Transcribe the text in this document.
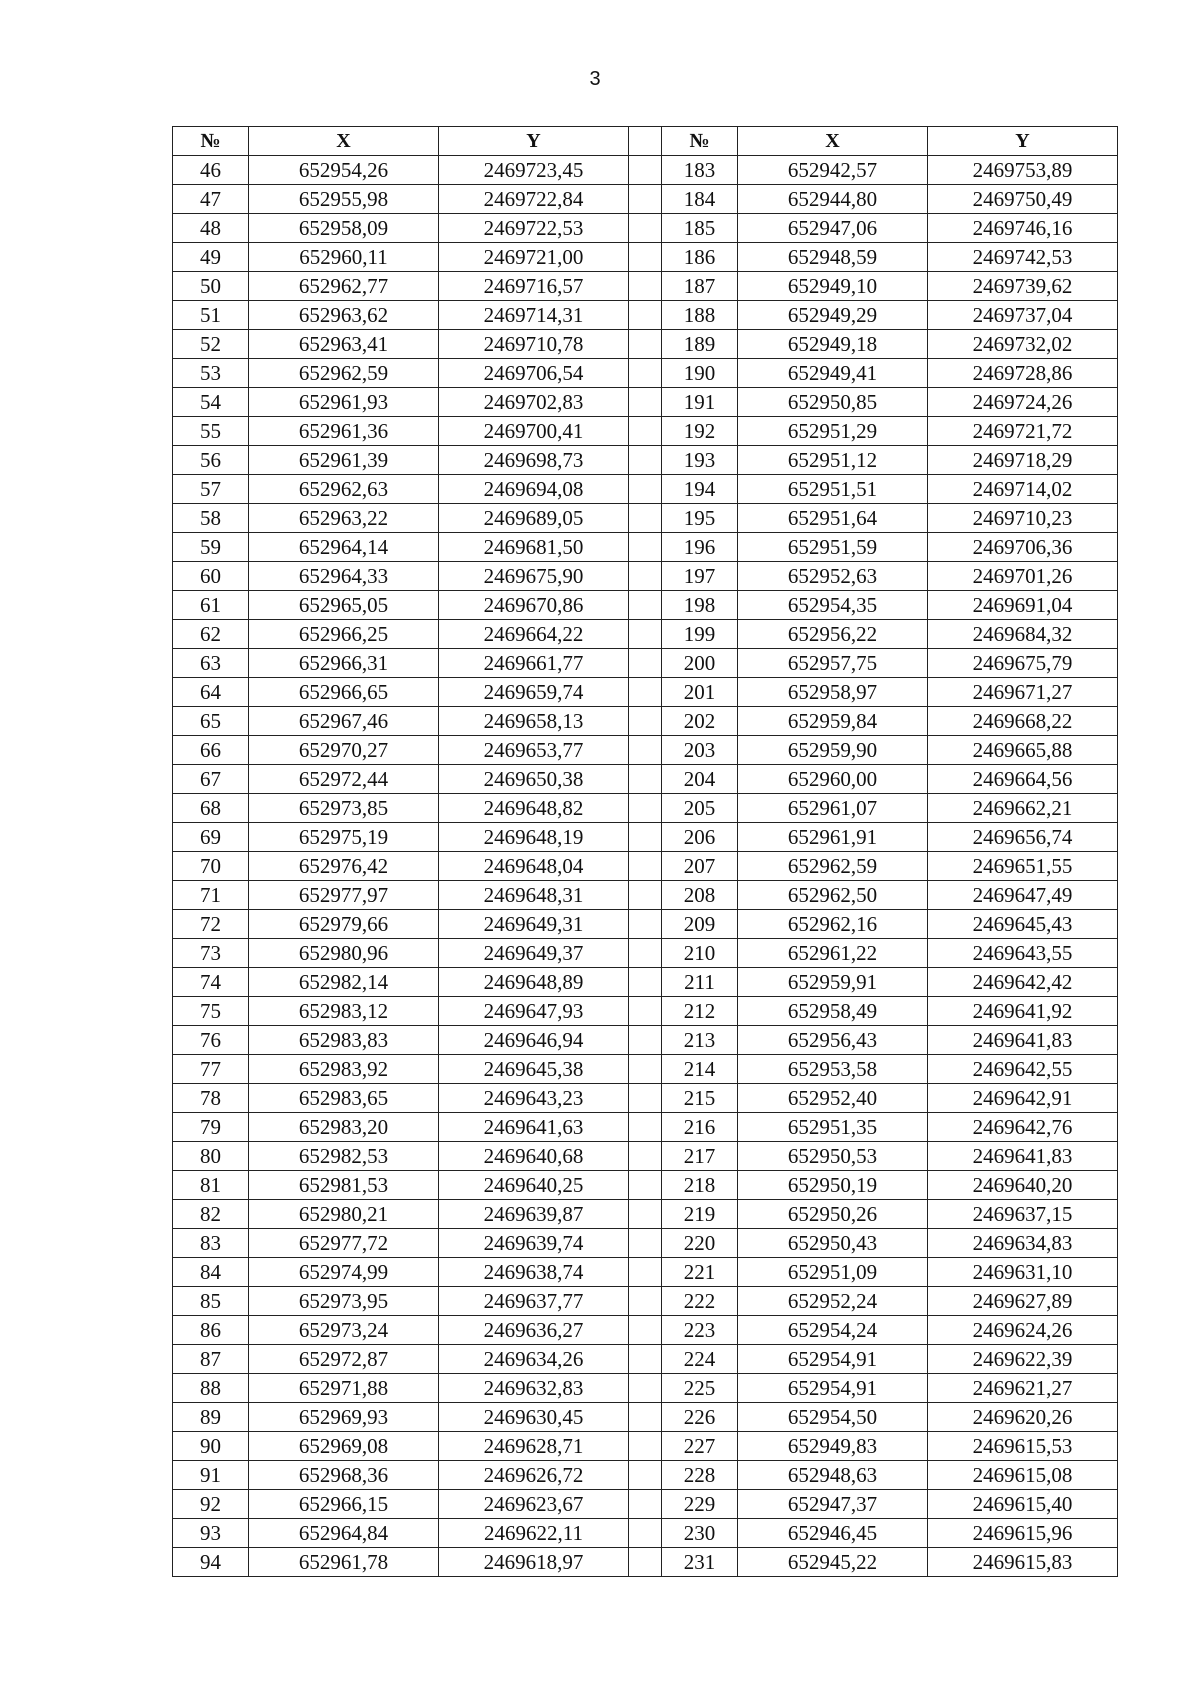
3
№	X	Y		№	X	Y
46	652954,26	2469723,45		183	652942,57	2469753,89
47	652955,98	2469722,84		184	652944,80	2469750,49
48	652958,09	2469722,53		185	652947,06	2469746,16
49	652960,11	2469721,00		186	652948,59	2469742,53
50	652962,77	2469716,57		187	652949,10	2469739,62
51	652963,62	2469714,31		188	652949,29	2469737,04
52	652963,41	2469710,78		189	652949,18	2469732,02
53	652962,59	2469706,54		190	652949,41	2469728,86
54	652961,93	2469702,83		191	652950,85	2469724,26
55	652961,36	2469700,41		192	652951,29	2469721,72
56	652961,39	2469698,73		193	652951,12	2469718,29
57	652962,63	2469694,08		194	652951,51	2469714,02
58	652963,22	2469689,05		195	652951,64	2469710,23
59	652964,14	2469681,50		196	652951,59	2469706,36
60	652964,33	2469675,90		197	652952,63	2469701,26
61	652965,05	2469670,86		198	652954,35	2469691,04
62	652966,25	2469664,22		199	652956,22	2469684,32
63	652966,31	2469661,77		200	652957,75	2469675,79
64	652966,65	2469659,74		201	652958,97	2469671,27
65	652967,46	2469658,13		202	652959,84	2469668,22
66	652970,27	2469653,77		203	652959,90	2469665,88
67	652972,44	2469650,38		204	652960,00	2469664,56
68	652973,85	2469648,82		205	652961,07	2469662,21
69	652975,19	2469648,19		206	652961,91	2469656,74
70	652976,42	2469648,04		207	652962,59	2469651,55
71	652977,97	2469648,31		208	652962,50	2469647,49
72	652979,66	2469649,31		209	652962,16	2469645,43
73	652980,96	2469649,37		210	652961,22	2469643,55
74	652982,14	2469648,89		211	652959,91	2469642,42
75	652983,12	2469647,93		212	652958,49	2469641,92
76	652983,83	2469646,94		213	652956,43	2469641,83
77	652983,92	2469645,38		214	652953,58	2469642,55
78	652983,65	2469643,23		215	652952,40	2469642,91
79	652983,20	2469641,63		216	652951,35	2469642,76
80	652982,53	2469640,68		217	652950,53	2469641,83
81	652981,53	2469640,25		218	652950,19	2469640,20
82	652980,21	2469639,87		219	652950,26	2469637,15
83	652977,72	2469639,74		220	652950,43	2469634,83
84	652974,99	2469638,74		221	652951,09	2469631,10
85	652973,95	2469637,77		222	652952,24	2469627,89
86	652973,24	2469636,27		223	652954,24	2469624,26
87	652972,87	2469634,26		224	652954,91	2469622,39
88	652971,88	2469632,83		225	652954,91	2469621,27
89	652969,93	2469630,45		226	652954,50	2469620,26
90	652969,08	2469628,71		227	652949,83	2469615,53
91	652968,36	2469626,72		228	652948,63	2469615,08
92	652966,15	2469623,67		229	652947,37	2469615,40
93	652964,84	2469622,11		230	652946,45	2469615,96
94	652961,78	2469618,97		231	652945,22	2469615,83
